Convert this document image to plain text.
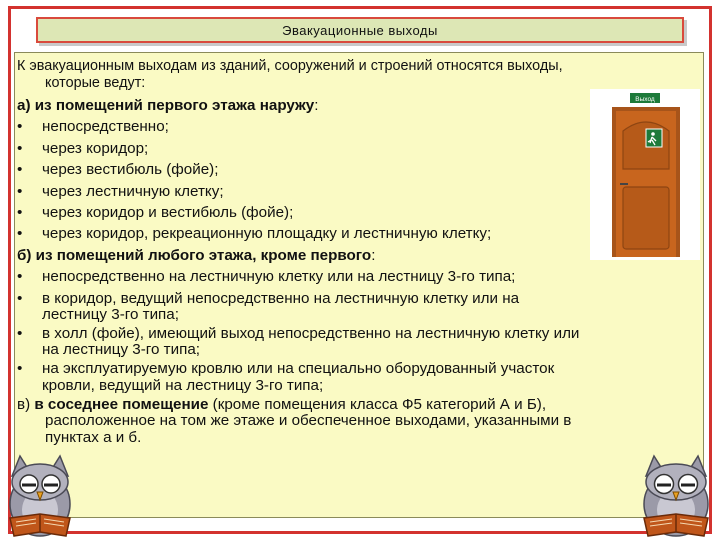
Эвакуационные выходы
К эвакуационным выходам из зданий, сооружений и строений относятся выходы,
которые ведут:
а) из помещений первого этажа наружу:
•	непосредственно;
•	через коридор;
•	через вестибюль (фойе);
•	через лестничную клетку;
•	через коридор и вестибюль (фойе);
•	через коридор, рекреационную площадку и лестничную клетку;
б) из помещений любого этажа, кроме первого:
•	непосредственно на лестничную клетку или на лестницу 3-го типа;
•	в коридор, ведущий непосредственно на лестничную клетку или на
лестницу 3-го типа;
•	в холл (фойе), имеющий выход непосредственно на лестничную клетку или
на лестницу 3-го типа;
•	на эксплуатируемую кровлю или на специально оборудованный участок
кровли, ведущий на лестницу 3-го типа;
в) в соседнее помещение (кроме помещения класса Ф5 категорий А и Б),
расположенное на том же этаже и обеспеченное выходами, указанными в
пунктах а и б.
Выход
